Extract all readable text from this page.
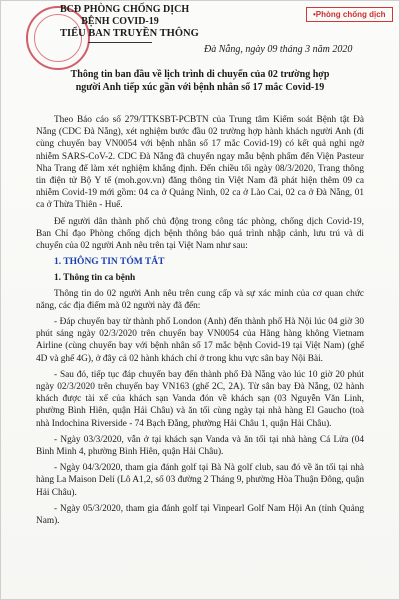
BCĐ PHÒNG CHỐNG DỊCH
BỆNH COVID-19
TIỂU BAN TRUYỀN THÔNG
•Phòng chống dịch
Đà Nẵng, ngày 09 tháng 3 năm 2020
Thông tin ban đầu về lịch trình di chuyển của 02 trường hợp
người Anh tiếp xúc gần với bệnh nhân số 17 mắc Covid-19

Theo Báo cáo số 279/TTKSBT-PCBTN của Trung tâm Kiểm soát Bệnh tật Đà Nẵng (CDC Đà Nẵng), xét nghiệm bước đầu 02 trường hợp hành khách người Anh (đi cùng chuyến bay VN0054 với bệnh nhân số 17 mắc Covid-19) có kết quả nghi ngờ nhiễm SARS-CoV-2. CDC Đà Nẵng đã chuyển ngay mẫu bệnh phẩm đến Viện Pasteur Nha Trang để làm xét nghiệm khẳng định. Đến chiều tối ngày 08/3/2020, Trang thông tin điện tử Bộ Y tế (moh.gov.vn) đăng thông tin Việt Nam đã phát hiện thêm 09 ca nhiễm Covid-19 mới gồm: 04 ca ở Quảng Ninh, 02 ca ở Lào Cai, 02 ca ở Đà Nẵng, 01 ca ở Thừa Thiên - Huế.

Để người dân thành phố chủ động trong công tác phòng, chống dịch Covid-19, Ban Chỉ đạo Phòng chống dịch bệnh thông báo quá trình nhập cảnh, lưu trú và di chuyển của 02 người Anh nêu trên tại Việt Nam như sau:

1. THÔNG TIN TÓM TẮT
1. Thông tin ca bệnh

Thông tin do 02 người Anh nêu trên cung cấp và sự xác minh của cơ quan chức năng, các địa điểm mà 02 người này đã đến:

- Đáp chuyến bay từ thành phố London (Anh) đến thành phố Hà Nội lúc 04 giờ 30 phút sáng ngày 02/3/2020 trên chuyến bay VN0054 của Hãng hàng không Vietnam Airline (cùng chuyến bay với bệnh nhân số 17 mắc bệnh Covid-19 tại Việt Nam) (ghế 4D và ghế 4G), ở đây cả 02 hành khách chỉ ở trong khu vực sân bay Nội Bài.

- Sau đó, tiếp tục đáp chuyến bay đến thành phố Đà Nẵng vào lúc 10 giờ 20 phút ngày 02/3/2020 trên chuyến bay VN163 (ghế 2C, 2A). Từ sân bay Đà Nẵng, 02 hành khách được tài xế của khách sạn Vanda đón về khách sạn (03 Nguyễn Văn Linh, phường Bình Hiên, quận Hải Châu) và ăn tối cùng ngày tại nhà hàng El Gaucho (toà nhà Indochina Riverside - 74 Bạch Đằng, phường Hải Châu 1, quận Hải Châu).

- Ngày 03/3/2020, vẫn ở tại khách sạn Vanda và ăn tối tại nhà hàng Cá Lửa (04 Bình Minh 4, phường Bình Hiên, quận Hải Châu).

- Ngày 04/3/2020, tham gia đánh golf tại Bà Nà golf club, sau đó về ăn tối tại nhà hàng La Maison Delí (Lô A1,2, số 03 đường 2 Tháng 9, phường Hòa Thuận Đông, quận Hải Châu).

- Ngày 05/3/2020, tham gia đánh golf tại Vinpearl Golf Nam Hội An (tỉnh Quảng Nam).
